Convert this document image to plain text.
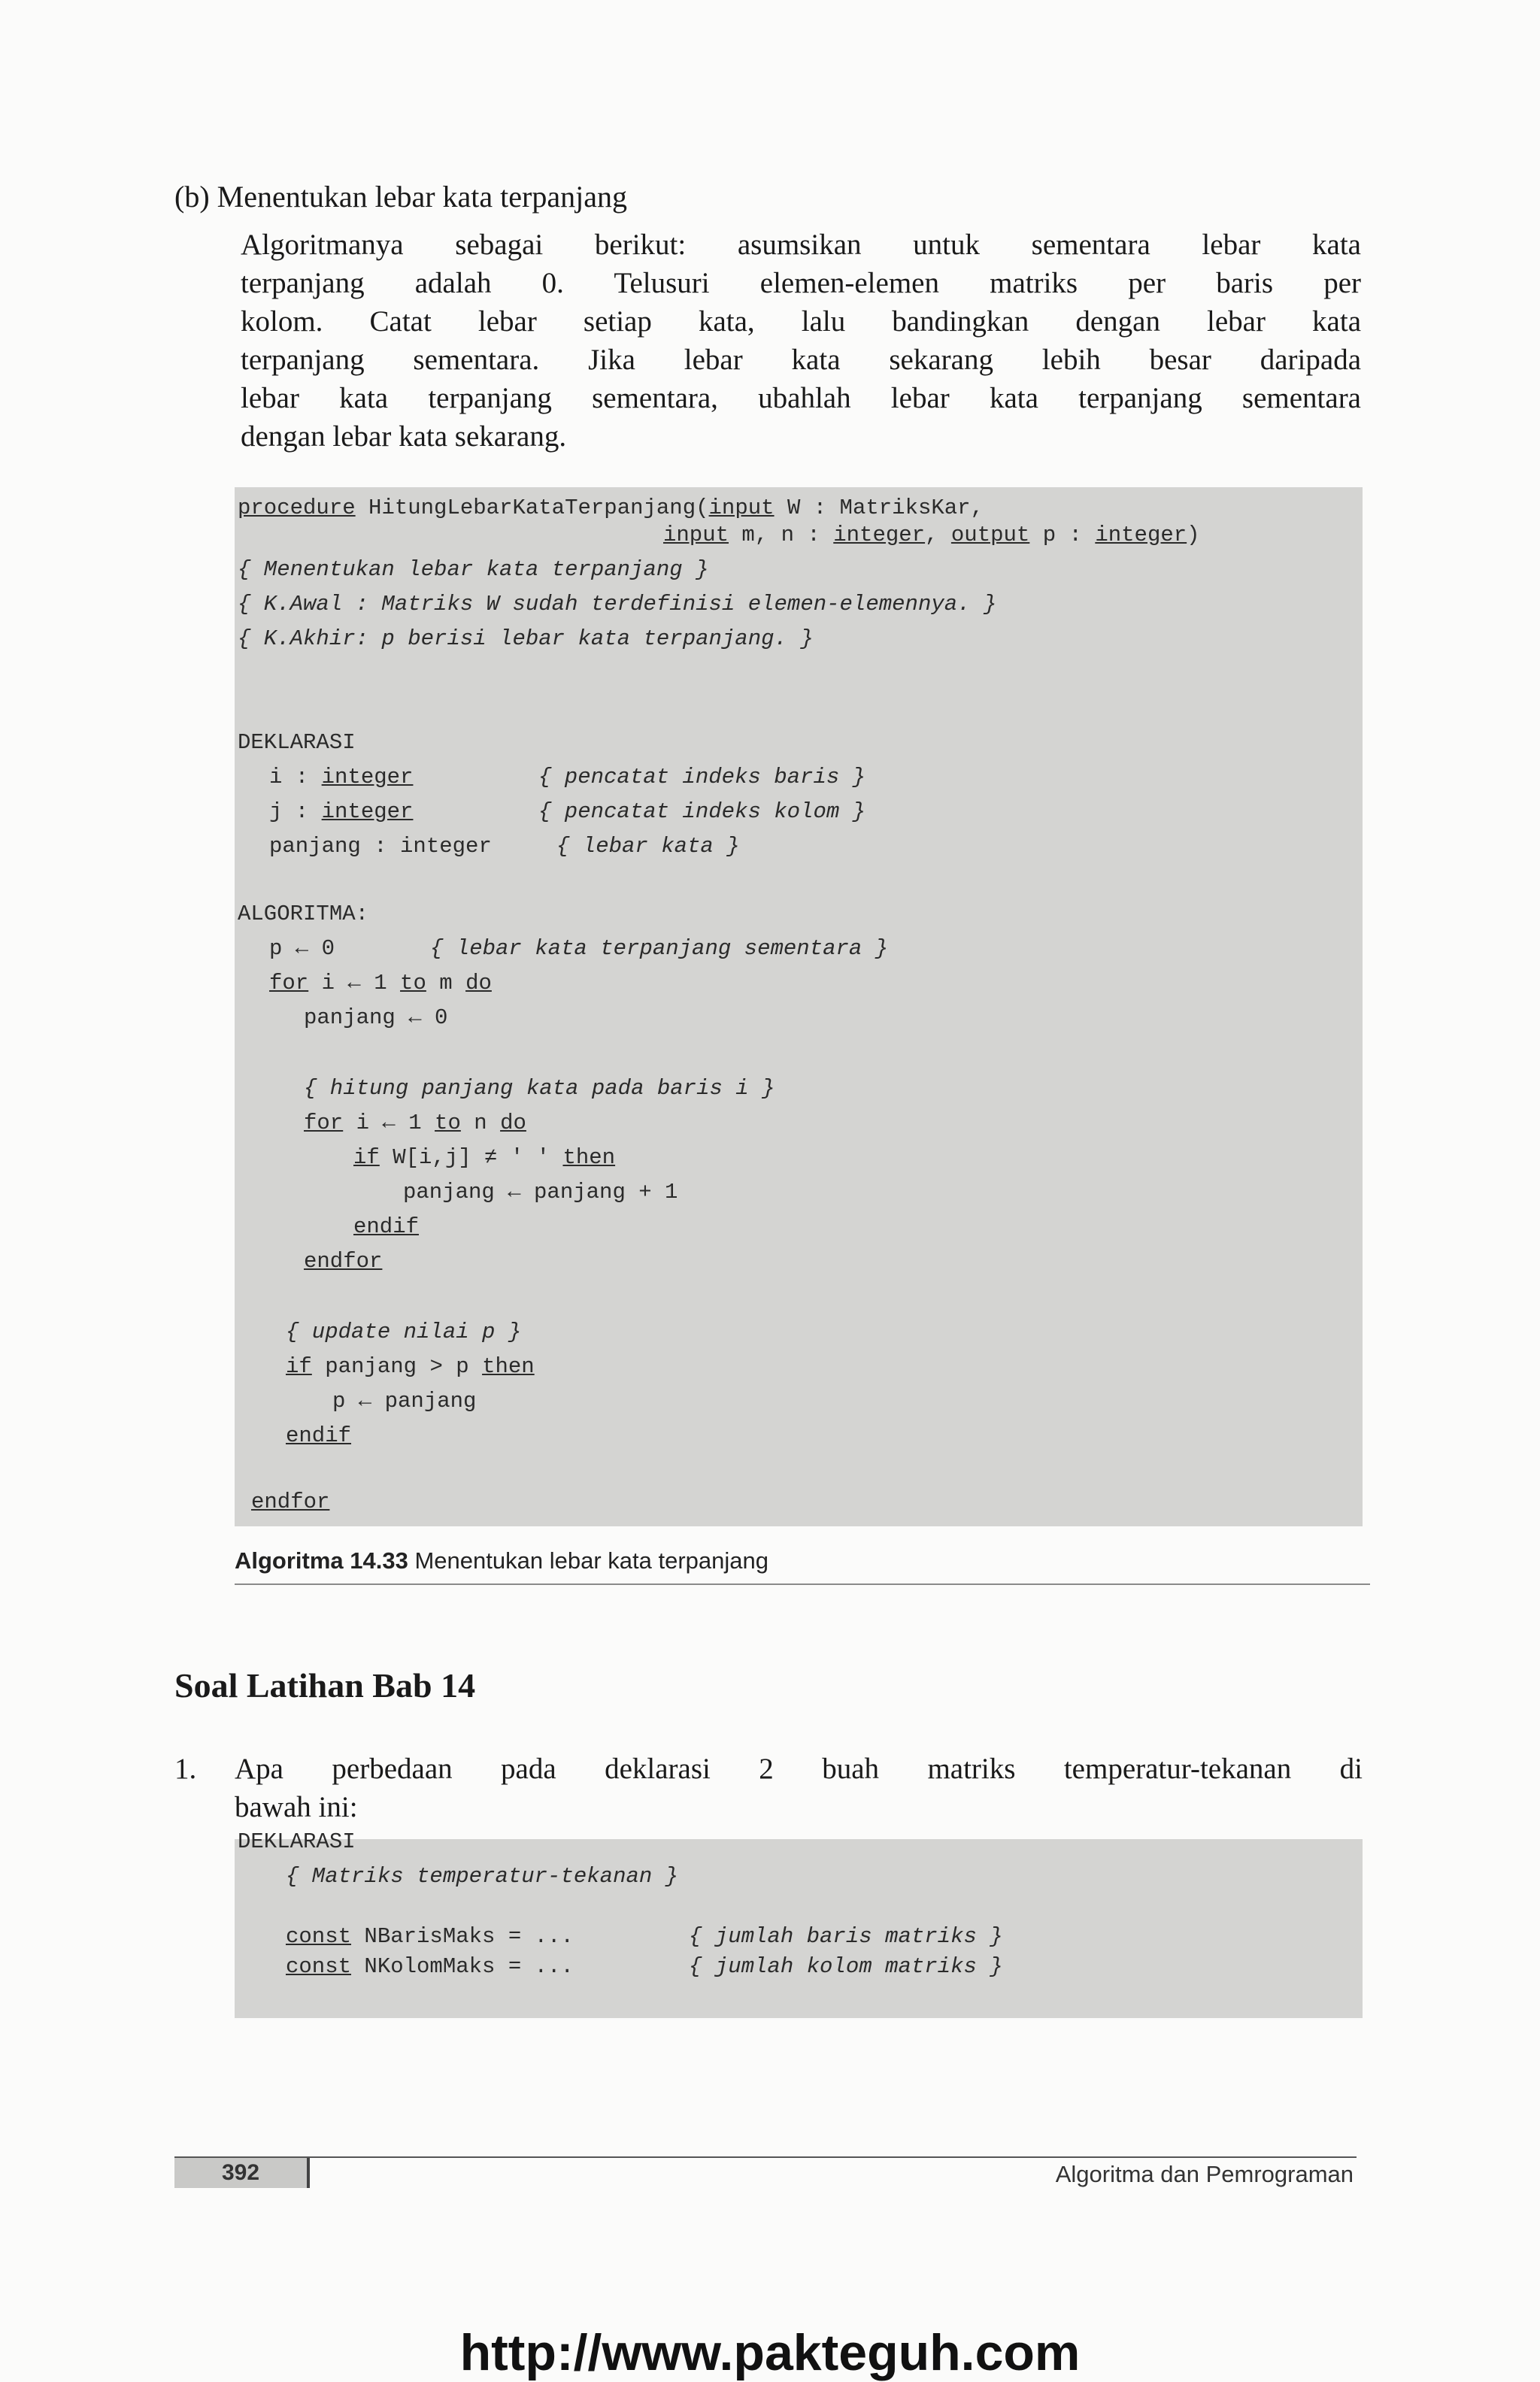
(b) Menentukan lebar kata terpanjang
Algoritmanya sebagai berikut: asumsikan untuk sementara lebar kata
terpanjang adalah 0. Telusuri elemen-elemen matriks per baris per
kolom. Catat lebar setiap kata, lalu bandingkan dengan lebar kata
terpanjang sementara. Jika lebar kata sekarang lebih besar daripada
lebar kata terpanjang sementara, ubahlah lebar kata terpanjang sementara
dengan lebar kata sekarang.

procedure HitungLebarKataTerpanjang(input W : MatriksKar,

input m, n : integer, output p : integer)

{ Menentukan lebar kata terpanjang }

{ K.Awal : Matriks W sudah terdefinisi elemen-elemennya. }

{ K.Akhir: p berisi lebar kata terpanjang. }

DEKLARASI

i : integer

	{ pencatat indeks baris }

j : integer

	{ pencatat indeks kolom }

panjang : integer

	{ lebar kata }

ALGORITMA:

p ← 0

	{ lebar kata terpanjang sementara }

for i ← 1 to m do

panjang ← 0

{ hitung panjang kata pada baris i }

for i ← 1 to n do

if W[i,j] ≠ ' ' then

panjang ← panjang + 1

endif

endfor

{ update nilai p }

if panjang > p then

p ← panjang

endif

endfor

Algoritma 14.33 Menentukan lebar kata terpanjang
Soal Latihan Bab 14
1. Apa perbedaan pada deklarasi 2 buah matriks temperatur-tekanan di
bawah ini:

DEKLARASI

{ Matriks temperatur-tekanan }

const NBarisMaks = ...

	{ jumlah baris matriks }

const NKolomMaks = ...

	{ jumlah kolom matriks }

392	Algoritma dan Pemrograman
http://www.pakteguh.com
